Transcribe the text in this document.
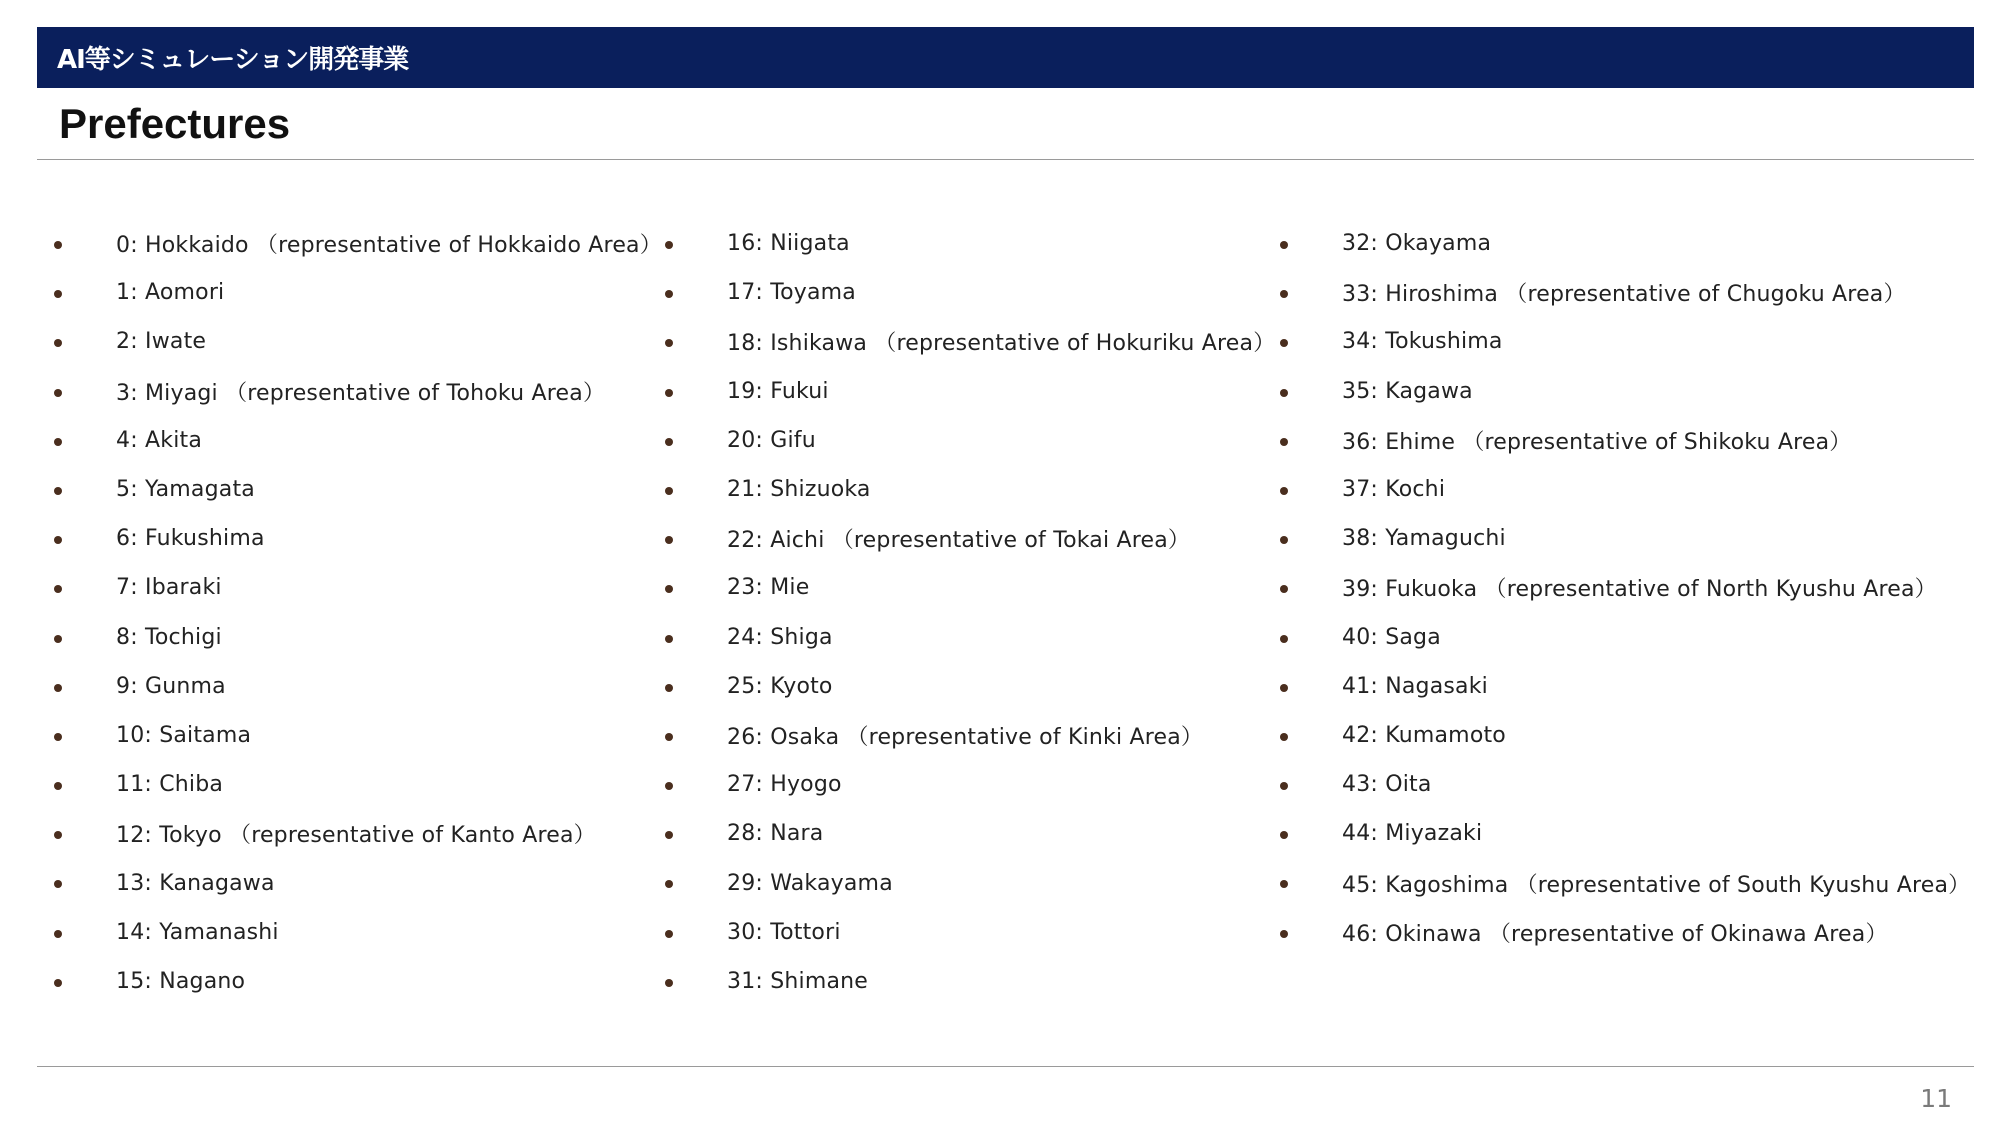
AI等シミュレーション開発事業
Prefectures
0: Hokkaido （representative of Hokkaido Area）
1: Aomori
2: Iwate
3: Miyagi （representative of Tohoku Area）
4: Akita
5: Yamagata
6: Fukushima
7: Ibaraki
8: Tochigi
9: Gunma
10: Saitama
11: Chiba
12: Tokyo （representative of Kanto Area）
13: Kanagawa
14: Yamanashi
15: Nagano
16: Niigata
17: Toyama
18: Ishikawa （representative of Hokuriku Area）
19: Fukui
20: Gifu
21: Shizuoka
22: Aichi （representative of Tokai Area）
23: Mie
24: Shiga
25: Kyoto
26: Osaka （representative of Kinki Area）
27: Hyogo
28: Nara
29: Wakayama
30: Tottori
31: Shimane
32: Okayama
33: Hiroshima （representative of Chugoku Area）
34: Tokushima
35: Kagawa
36: Ehime （representative of Shikoku Area）
37: Kochi
38: Yamaguchi
39: Fukuoka （representative of North Kyushu Area）
40: Saga
41: Nagasaki
42: Kumamoto
43: Oita
44: Miyazaki
45: Kagoshima （representative of South Kyushu Area）
46: Okinawa （representative of Okinawa Area）
11
